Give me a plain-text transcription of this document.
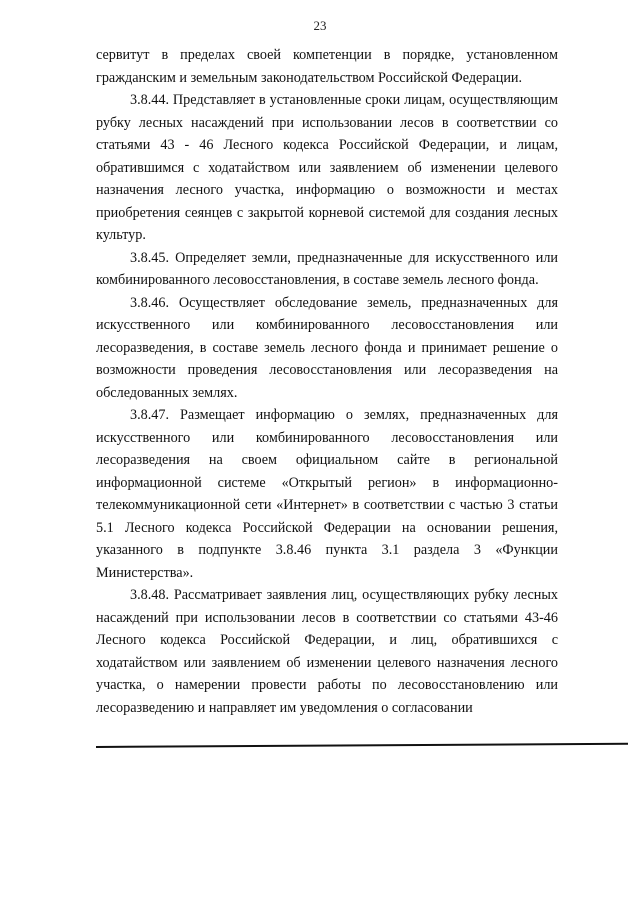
23

сервитут в пределах своей компетенции в порядке, установленном гражданским и земельным законодательством Российской Федерации.

3.8.44. Представляет в установленные сроки лицам, осуществляющим рубку лесных насаждений при использовании лесов в соответствии со статьями 43 - 46 Лесного кодекса Российской Федерации, и лицам, обратившимся с ходатайством или заявлением об изменении целевого назначения лесного участка, информацию о возможности и местах приобретения сеянцев с закрытой корневой системой для создания лесных культур.

3.8.45. Определяет земли, предназначенные для искусственного или комбинированного лесовосстановления, в составе земель лесного фонда.

3.8.46. Осуществляет обследование земель, предназначенных для искусственного или комбинированного лесовосстановления или лесоразведения, в составе земель лесного фонда и принимает решение о возможности проведения лесовосстановления или лесоразведения на обследованных землях.

3.8.47. Размещает информацию о землях, предназначенных для искусственного или комбинированного лесовосстановления или лесоразведения на своем официальном сайте в региональной информационной системе «Открытый регион» в информационно-телекоммуникационной сети «Интернет» в соответствии с частью 3 статьи 5.1 Лесного кодекса Российской Федерации на основании решения, указанного в подпункте 3.8.46 пункта 3.1 раздела 3 «Функции Министерства».

3.8.48. Рассматривает заявления лиц, осуществляющих рубку лесных насаждений при использовании лесов в соответствии со статьями 43-46 Лесного кодекса Российской Федерации, и лиц, обратившихся с ходатайством или заявлением об изменении целевого назначения лесного участка, о намерении провести работы по лесовосстановлению или лесоразведению и направляет им уведомления о согласовании
